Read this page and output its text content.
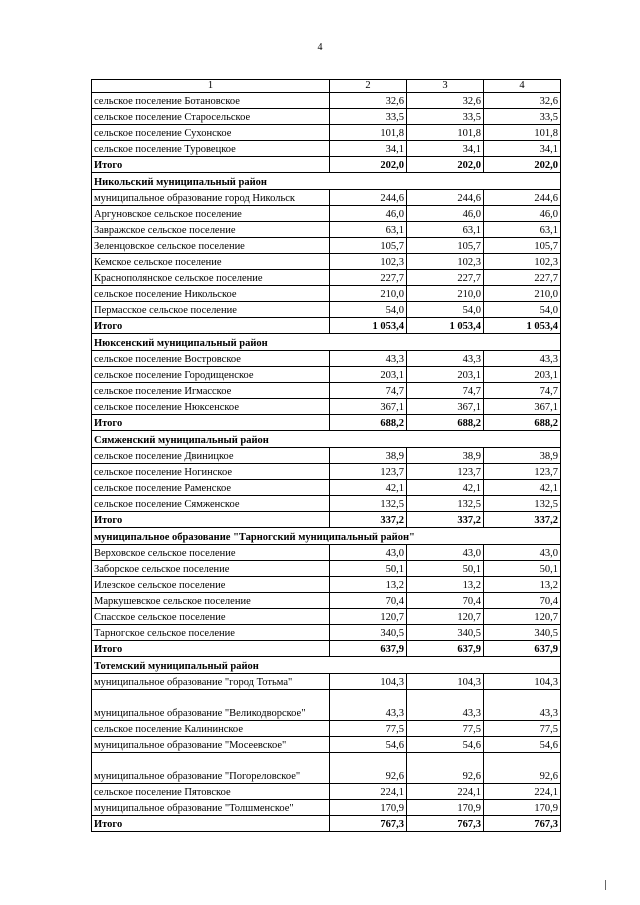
4
1	2	3	4
сельское поселение Ботановское	32,6	32,6	32,6
сельское поселение Старосельское	33,5	33,5	33,5
сельское поселение Сухонское	101,8	101,8	101,8
сельское поселение Туровецкое	34,1	34,1	34,1
Итого	202,0	202,0	202,0
Никольский муниципальный район			
муниципальное образование город Никольск	244,6	244,6	244,6
Аргуновское сельское поселение	46,0	46,0	46,0
Завражское сельское поселение	63,1	63,1	63,1
Зеленцовское сельское поселение	105,7	105,7	105,7
Кемское сельское поселение	102,3	102,3	102,3
Краснополянское сельское поселение	227,7	227,7	227,7
сельское поселение Никольское	210,0	210,0	210,0
Пермасское сельское поселение	54,0	54,0	54,0
Итого	1 053,4	1 053,4	1 053,4
Нюксенский муниципальный район			
сельское поселение Востровское	43,3	43,3	43,3
сельское поселение Городищенское	203,1	203,1	203,1
сельское поселение Игмасское	74,7	74,7	74,7
сельское поселение Нюксенское	367,1	367,1	367,1
Итого	688,2	688,2	688,2
Сямженский муниципальный район			
сельское поселение Двиницкое	38,9	38,9	38,9
сельское поселение Ногинское	123,7	123,7	123,7
сельское поселение Раменское	42,1	42,1	42,1
сельское поселение Сямженское	132,5	132,5	132,5
Итого	337,2	337,2	337,2
муниципальное образование "Тарногский муниципальный район"			
Верховское сельское поселение	43,0	43,0	43,0
Заборское сельское поселение	50,1	50,1	50,1
Илезское сельское поселение	13,2	13,2	13,2
Маркушевское сельское поселение	70,4	70,4	70,4
Спасское сельское поселение	120,7	120,7	120,7
Тарногское сельское поселение	340,5	340,5	340,5
Итого	637,9	637,9	637,9
Тотемский муниципальный район			
муниципальное образование "город Тотьма"	104,3	104,3	104,3
муниципальное образование "Великодворское"	43,3	43,3	43,3
сельское поселение Калининское	77,5	77,5	77,5
муниципальное образование "Мосеевское"	54,6	54,6	54,6
муниципальное образование "Погореловское"	92,6	92,6	92,6
сельское поселение Пятовское	224,1	224,1	224,1
муниципальное образование "Толшменское"	170,9	170,9	170,9
Итого	767,3	767,3	767,3
